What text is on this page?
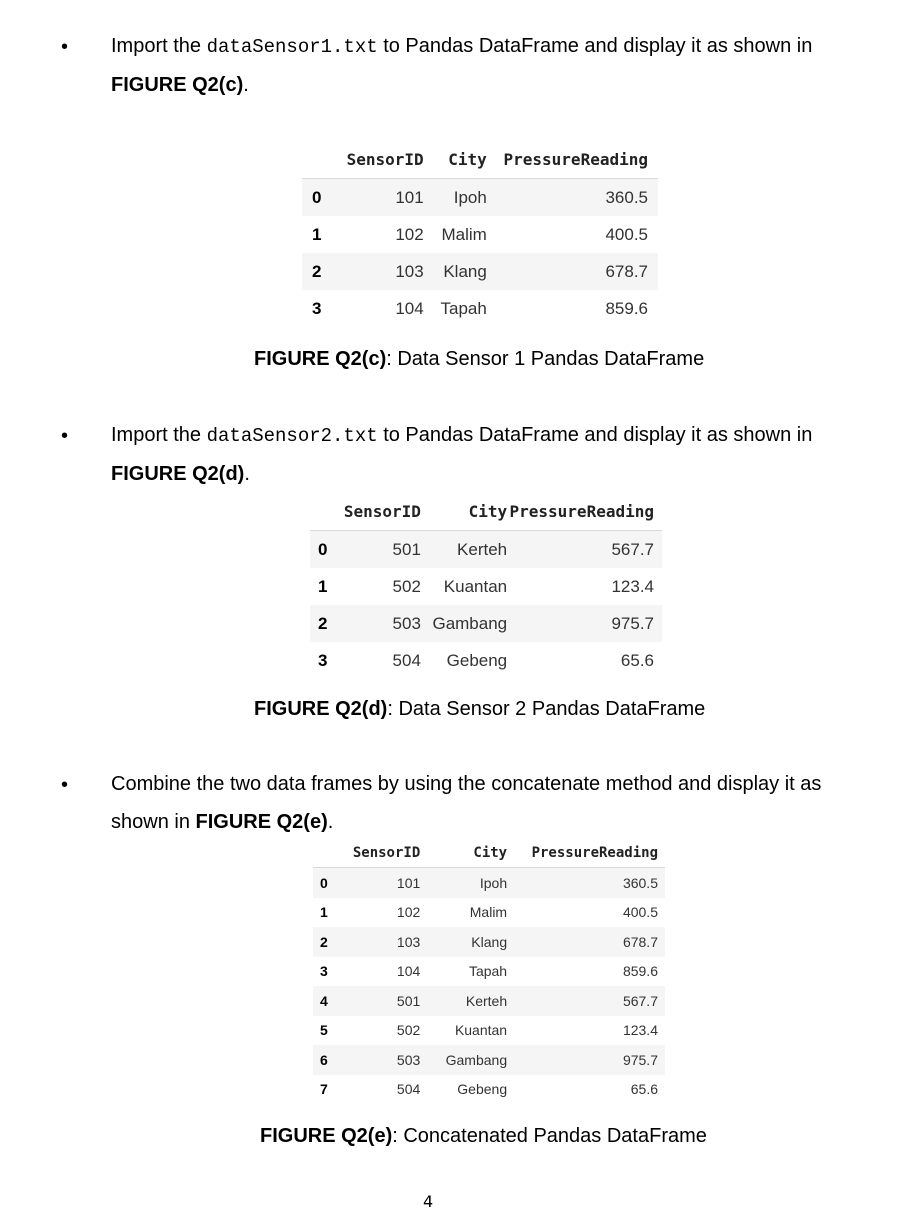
• Import the dataSensor1.txt to Pandas DataFrame and display it as shown in FIGURE Q2(c).
	SensorID	City	PressureReading
0	101	Ipoh	360.5
1	102	Malim	400.5
2	103	Klang	678.7
3	104	Tapah	859.6
FIGURE Q2(c): Data Sensor 1 Pandas DataFrame
• Import the dataSensor2.txt to Pandas DataFrame and display it as shown in FIGURE Q2(d).
	SensorID	City	PressureReading
0	501	Kerteh	567.7
1	502	Kuantan	123.4
2	503	Gambang	975.7
3	504	Gebeng	65.6
FIGURE Q2(d): Data Sensor 2 Pandas DataFrame
• Combine the two data frames by using the concatenate method and display it as shown in FIGURE Q2(e).
	SensorID	City	PressureReading
0	101	Ipoh	360.5
1	102	Malim	400.5
2	103	Klang	678.7
3	104	Tapah	859.6
4	501	Kerteh	567.7
5	502	Kuantan	123.4
6	503	Gambang	975.7
7	504	Gebeng	65.6
FIGURE Q2(e): Concatenated Pandas DataFrame
4
